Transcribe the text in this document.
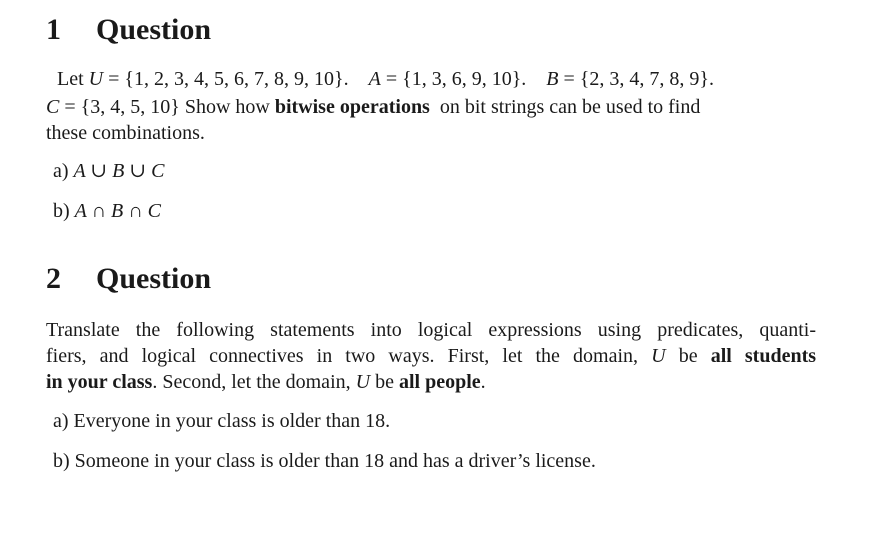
1 Question
Let U = {1, 2, 3, 4, 5, 6, 7, 8, 9, 10}. A = {1, 3, 6, 9, 10}. B = {2, 3, 4, 7, 8, 9}.
C = {3, 4, 5, 10} Show how bitwise operations on bit strings can be used to find
these combinations.
a) A ∪ B ∪ C
b) A ∩ B ∩ C
2 Question
Translate the following statements into logical expressions using predicates, quanti-
fiers, and logical connectives in two ways. First, let the domain, U be all students
in your class. Second, let the domain, U be all people.
a) Everyone in your class is older than 18.
b) Someone in your class is older than 18 and has a driver’s license.
